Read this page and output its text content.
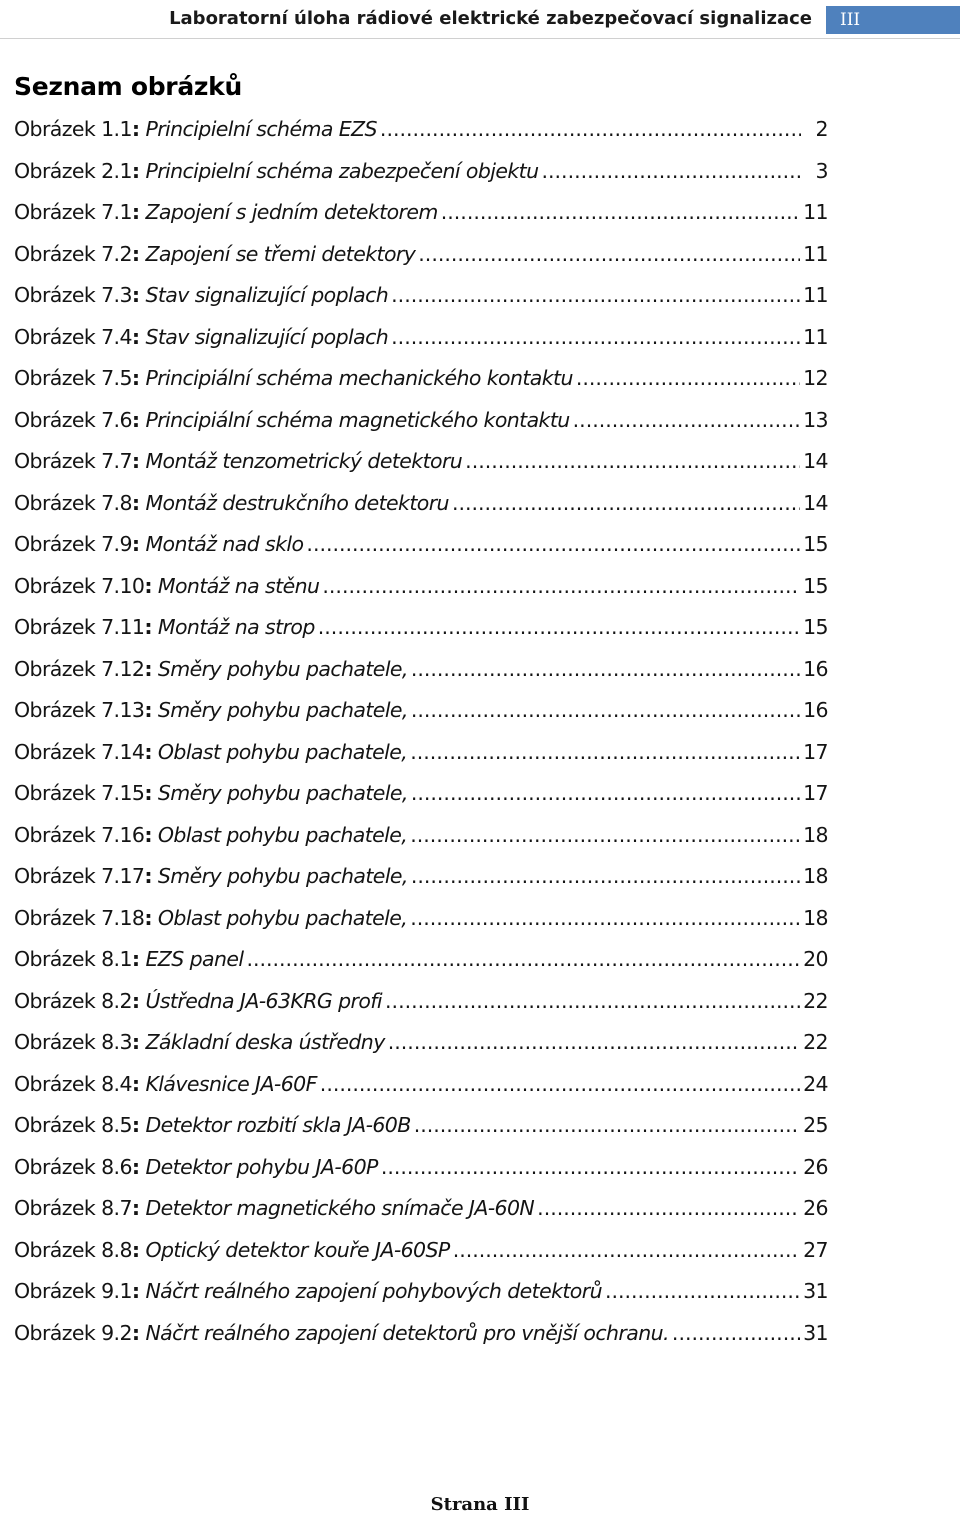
Laboratorní úloha rádiové elektrické zabezpečovací signalizace	III
Seznam obrázků
Obrázek 1.1: Principielní schéma EZS .....	2
Obrázek 2.1: Principielní schéma zabezpečení objektu .....	3
Obrázek 7.1: Zapojení s jedním detektorem .....	11
Obrázek 7.2: Zapojení se třemi detektory .....	11
Obrázek 7.3: Stav signalizující poplach .....	11
Obrázek 7.4: Stav signalizující poplach .....	11
Obrázek 7.5: Principiální schéma mechanického kontaktu .....	12
Obrázek 7.6: Principiální schéma magnetického kontaktu .....	13
Obrázek 7.7: Montáž tenzometrický detektoru .....	14
Obrázek 7.8: Montáž destrukčního detektoru .....	14
Obrázek 7.9: Montáž nad sklo .....	15
Obrázek 7.10: Montáž na stěnu .....	15
Obrázek 7.11: Montáž na strop .....	15
Obrázek 7.12: Směry pohybu pachatele, .....	16
Obrázek 7.13: Směry pohybu pachatele, .....	16
Obrázek 7.14: Oblast pohybu pachatele, .....	17
Obrázek 7.15: Směry pohybu pachatele, .....	17
Obrázek 7.16: Oblast pohybu pachatele, .....	18
Obrázek 7.17: Směry pohybu pachatele, .....	18
Obrázek 7.18: Oblast pohybu pachatele, .....	18
Obrázek 8.1: EZS panel .....	20
Obrázek 8.2: Ústředna JA-63KRG profi .....	22
Obrázek 8.3: Základní deska ústředny .....	22
Obrázek 8.4: Klávesnice JA-60F .....	24
Obrázek 8.5: Detektor rozbití skla JA-60B .....	25
Obrázek 8.6: Detektor pohybu JA-60P .....	26
Obrázek 8.7: Detektor magnetického snímače JA-60N .....	26
Obrázek 8.8: Optický detektor kouře JA-60SP .....	27
Obrázek 9.1: Náčrt reálného zapojení pohybových detektorů .....	31
Obrázek 9.2: Náčrt reálného zapojení detektorů pro vnější ochranu. .....	31
Strana III
